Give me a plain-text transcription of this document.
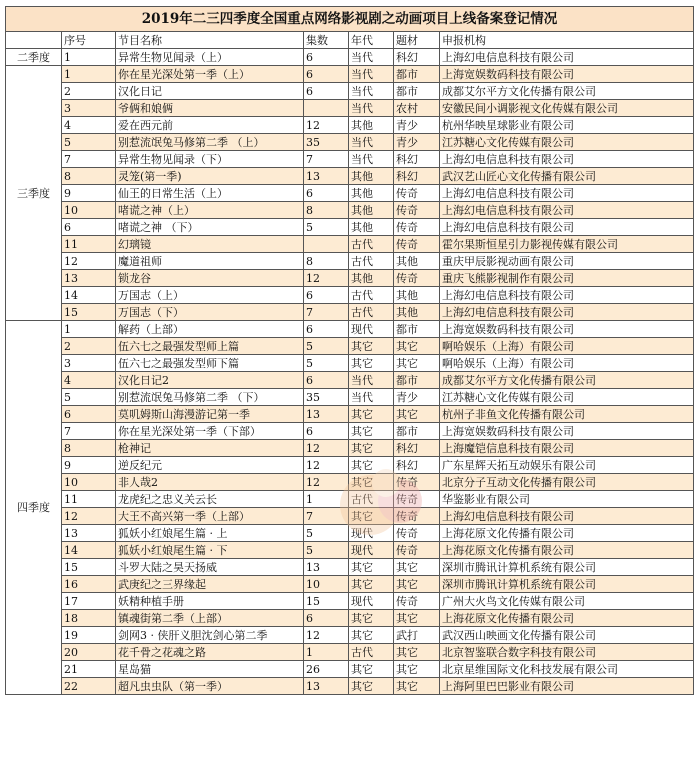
2019年二三四季度全国重点网络影视剧之动画项目上线备案登记情况						
	序号	节目名称	集数	年代	题材	申报机构
二季度	1	异常生物见闻录（上）	6	当代	科幻	上海幻电信息科技有限公司
三季度	1	你在星光深处第一季（上）	6	当代	都市	上海宽娱数码科技有限公司
	2	汉化日记	6	当代	都市	成都艾尔平方文化传播有限公司
	3	爷俩和娘俩		当代	农村	安徽民间小调影视文化传媒有限公司
	4	爱在西元前	12	其他	青少	杭州华映星球影业有限公司
	5	别惹流氓兔马修第二季 （上）	35	当代	青少	江苏糖心文化传媒有限公司
	7	异常生物见闻录（下）	7	当代	科幻	上海幻电信息科技有限公司
	8	灵笼(第一季)	13	其他	科幻	武汉艺山匠心文化传播有限公司
	9	仙王的日常生活（上）	6	其他	传奇	上海幻电信息科技有限公司
	10	啫谎之神（上）	8	其他	传奇	上海幻电信息科技有限公司
	6	啫谎之神 （下）	5	其他	传奇	上海幻电信息科技有限公司
	11	幻璃镜		古代	传奇	霍尔果斯恒星引力影视传媒有限公司
	12	魔道祖师	8	古代	其他	重庆甲辰影视动画有限公司
	13	锁龙谷	12	其他	传奇	重庆飞熊影视制作有限公司
	14	万国志（上）	6	古代	其他	上海幻电信息科技有限公司
	15	万国志（下）	7	古代	其他	上海幻电信息科技有限公司
四季度	1	解药（上部）	6	现代	都市	上海宽娱数码科技有限公司
	2	伍六七之最强发型师上篇	5	其它	其它	啊哈娱乐（上海）有限公司
	3	伍六七之最强发型师下篇	5	其它	其它	啊哈娱乐（上海）有限公司
	4	汉化日记2	6	当代	都市	成都艾尔平方文化传播有限公司
	5	别惹流氓兔马修第二季 （下）	35	当代	青少	江苏糖心文化传媒有限公司
	6	莫叽姆斯山海漫游记第一季	13	其它	其它	杭州子非鱼文化传播有限公司
	7	你在星光深处第一季（下部）	6	其它	都市	上海宽娱数码科技有限公司
	8	枪神记	12	其它	科幻	上海魔铠信息科技有限公司
	9	逆反纪元	12	其它	科幻	广东星辉天拓互动娱乐有限公司
	10	非人哉2	12	其它	传奇	北京分子互动文化传播有限公司
	11	龙虎纪之忠义关云长	1	古代	传奇	华鉴影业有限公司
	12	大王不高兴第一季（上部）	7	其它	传奇	上海幻电信息科技有限公司
	13	狐妖小红娘尾生篇 · 上	5	现代	传奇	上海花原文化传播有限公司
	14	狐妖小红娘尾生篇 · 下	5	现代	传奇	上海花原文化传播有限公司
	15	斗罗大陆之昊天扬威	13	其它	其它	深圳市腾讯计算机系统有限公司
	16	武庚纪之三界缘起	10	其它	其它	深圳市腾讯计算机系统有限公司
	17	妖精种植手册	15	现代	传奇	广州大火鸟文化传媒有限公司
	18	镇魂街第二季（上部）	6	其它	其它	上海花原文化传播有限公司
	19	剑网3 · 侠肝义胆沈剑心第二季	12	其它	武打	武汉西山映画文化传播有限公司
	20	花千骨之花魂之路	1	古代	其它	北京智鉴联合数字科技有限公司
	21	星岛猫	26	其它	其它	北京星维国际文化科技发展有限公司
	22	超凡虫虫队（第一季）	13	其它	其它	上海阿里巴巴影业有限公司
